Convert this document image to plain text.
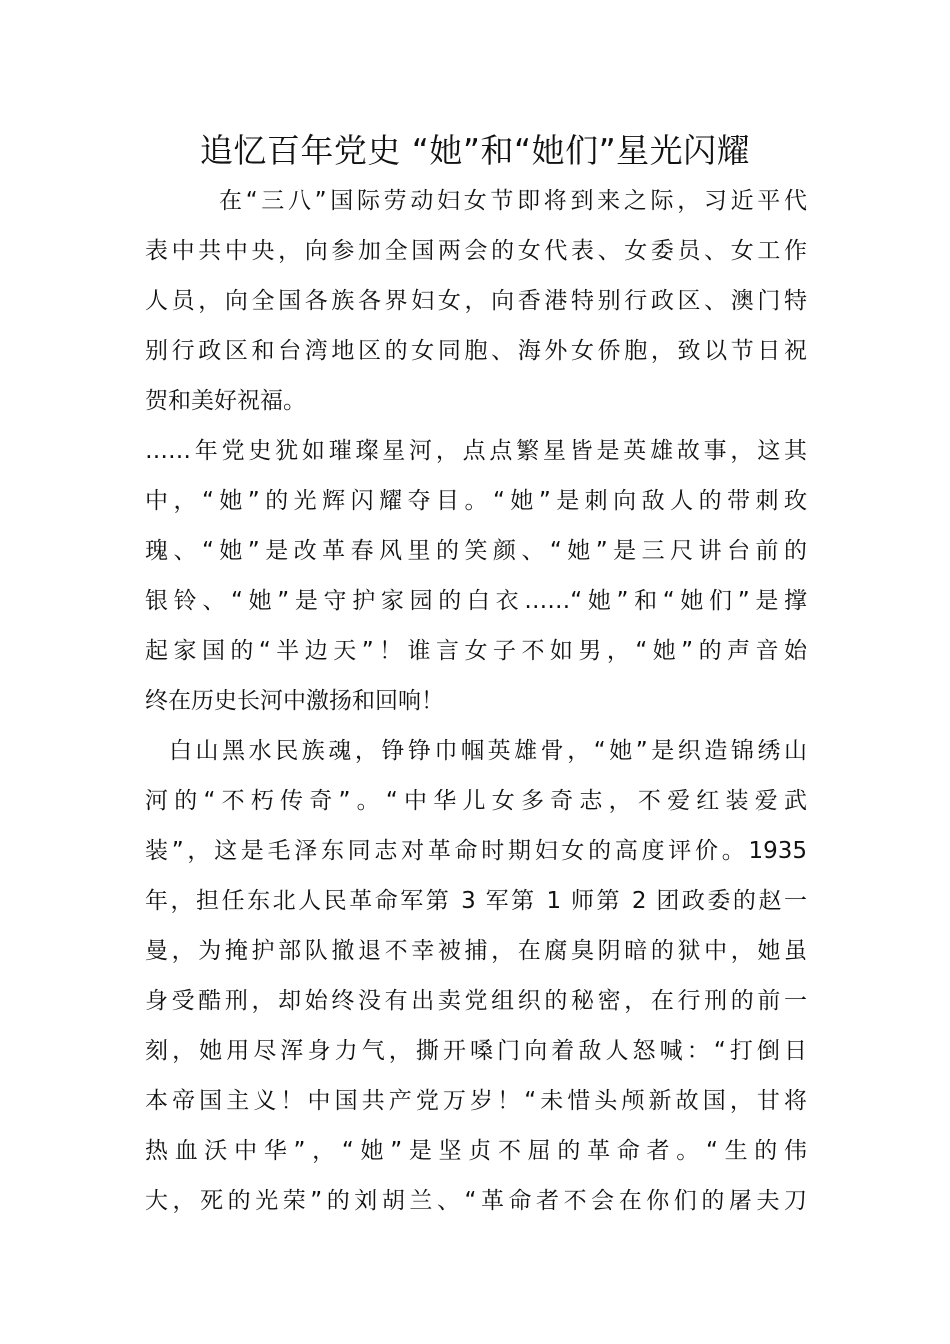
追忆百年党史 “她”和“她们”星光闪耀

在“三八”国际劳动妇女节即将到来之际，习近平代
表中共中央，向参加全国两会的女代表、女委员、女工作
人员，向全国各族各界妇女，向香港特别行政区、澳门特
别行政区和台湾地区的女同胞、海外女侨胞，致以节日祝
贺和美好祝福。

……年党史犹如璀璨星河，点点繁星皆是英雄故事，这其
中，“她”的光辉闪耀夺目。“她”是刺向敌人的带刺玫
瑰、“她”是改革春风里的笑颜、“她”是三尺讲台前的
银铃、“她”是守护家园的白衣……“她”和“她们”是撑
起家国的“半边天”！谁言女子不如男，“她”的声音始
终在历史长河中激扬和回响！

白山黑水民族魂，铮铮巾帼英雄骨，“她”是织造锦绣山
河的“不朽传奇”。“中华儿女多奇志，不爱红装爱武
装”，这是毛泽东同志对革命时期妇女的高度评价。1935
年，担任东北人民革命军第 3 军第 1 师第 2 团政委的赵一
曼，为掩护部队撤退不幸被捕，在腐臭阴暗的狱中，她虽
身受酷刑，却始终没有出卖党组织的秘密，在行刑的前一
刻，她用尽浑身力气，撕开嗓门向着敌人怒喊：“打倒日
本帝国主义！中国共产党万岁！“未惜头颅新故国，甘将
热血沃中华”，“她”是坚贞不屈的革命者。“生的伟
大，死的光荣”的刘胡兰、“革命者不会在你们的屠夫刀
